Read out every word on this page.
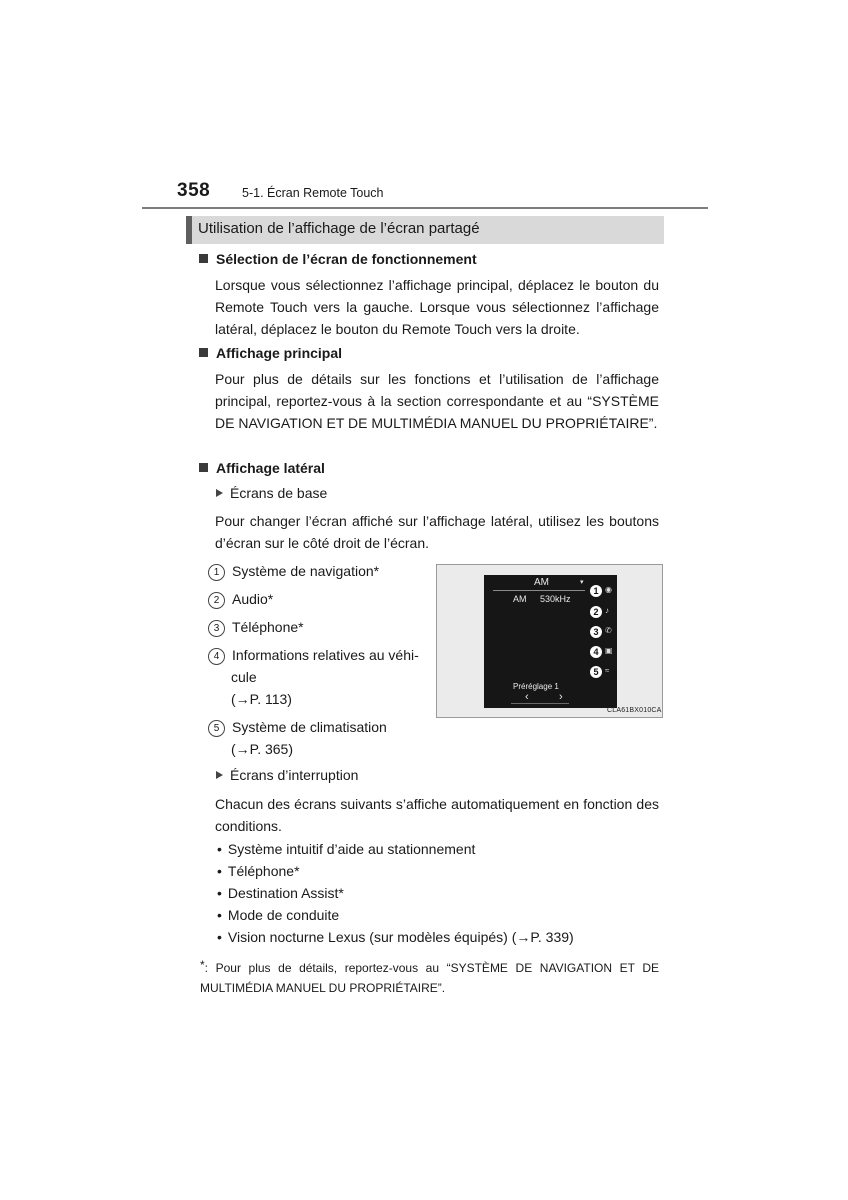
358	5-1. Écran Remote Touch
Utilisation de l’affichage de l’écran partagé
Sélection de l’écran de fonctionnement
Lorsque vous sélectionnez l’affichage principal, déplacez le bouton du Remote Touch vers la gauche. Lorsque vous sélectionnez l’affichage latéral, déplacez le bouton du Remote Touch vers la droite.
Affichage principal
Pour plus de détails sur les fonctions et l’utilisation de l’affichage principal, reportez-vous à la section correspondante et au “SYSTÈME DE NAVIGATION ET DE MULTIMÉDIA MANUEL DU PROPRIÉTAIRE”.
Affichage latéral
Écrans de base
Pour changer l’écran affiché sur l’affichage latéral, utilisez les boutons d’écran sur le côté droit de l’écran.
1 Système de navigation*
2 Audio*
3 Téléphone*
4 Informations relatives au véhi-
cule
(→P. 113)
5 Système de climatisation
(→P. 365)
Écrans d’interruption
Chacun des écrans suivants s’affiche automatiquement en fonction des conditions.
• Système intuitif d’aide au stationnement
• Téléphone*
• Destination Assist*
• Mode de conduite
• Vision nocturne Lexus (sur modèles équipés) (→P. 339)
*: Pour plus de détails, reportez-vous au “SYSTÈME DE NAVIGATION ET DE MULTIMÉDIA MANUEL DU PROPRIÉTAIRE”.
AM	▾
AM 530kHz
Préréglage 1
‹	›
1 ◉
2 ♪
3 ✆
4 ▣
5 ≈
CLA61BX010CA
